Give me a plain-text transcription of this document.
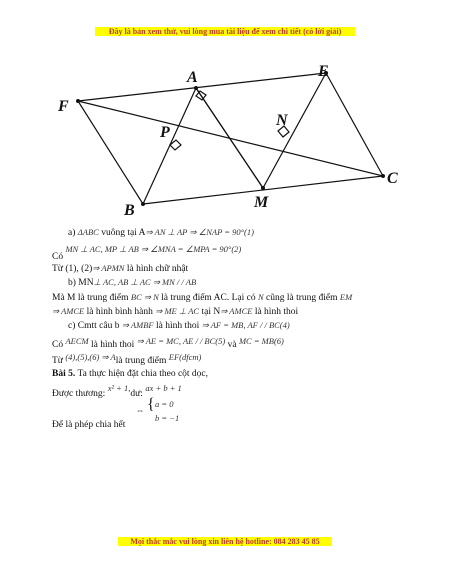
Đây là bản xem thử, vui lòng mua tài liệu để xem chi tiết (có lời giải)
A	E
F
P
N
B	M
C
a) ΔABC vuông tại A⇒ AN ⊥ AP ⇒ ∠NAP = 90°(1)
Có MN ⊥ AC, MP ⊥ AB ⇒ ∠MNA = ∠MPA = 90°(2)
Từ (1), (2)⇒ APMN là hình chữ nhật
b) MN⊥ AC, AB ⊥ AC ⇒ MN / / AB
Mà M là trung điểm BC ⇒ N là trung điểm AC. Lại có N cũng là trung điểm EM
⇒ AMCE là hình bình hành ⇒ ME ⊥ AC tại N⇒ AMCE là hình thoi
c) Cmtt câu b ⇒ AMBF là hình thoi ⇒ AF = MB, AF / / BC(4)
Có AECM là hình thoi ⇒ AE = MC, AE / / BC(5) và MC = MB(6)
Từ (4),(5),(6) ⇒ Alà trung điểm EF(dfcm)
Bài 5. Ta thực hiện đặt chia theo cột dọc,
Được thương: x² + 1,dư: ax + b + 1
⇔ { a = 0
b = −1
Để là phép chia hết
Mọi thắc mắc vui lòng xin liên hệ hotline: 084 283 45 85
